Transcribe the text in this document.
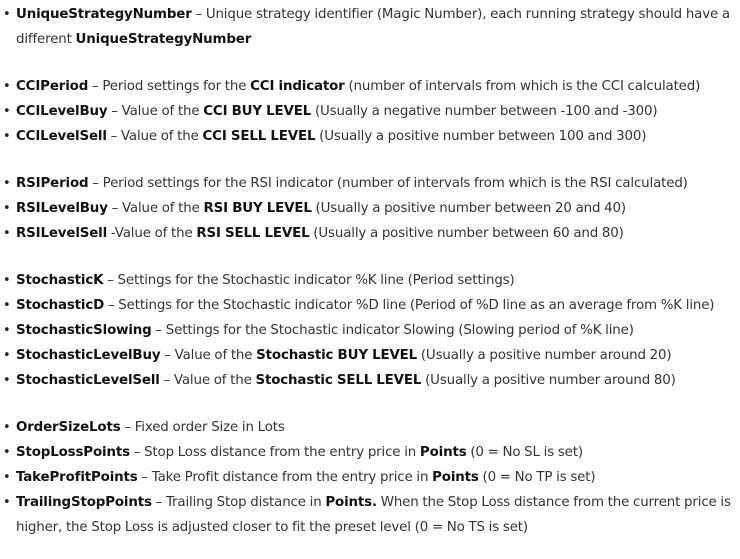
• UniqueStrategyNumber – Unique strategy identifier (Magic Number), each running strategy should have a different UniqueStrategyNumber
• CCIPeriod – Period settings for the CCI indicator (number of intervals from which is the CCI calculated)
• CCILevelBuy – Value of the CCI BUY LEVEL (Usually a negative number between -100 and -300)
• CCILevelSell – Value of the CCI SELL LEVEL (Usually a positive number between 100 and 300)
• RSIPeriod – Period settings for the RSI indicator (number of intervals from which is the RSI calculated)
• RSILevelBuy – Value of the RSI BUY LEVEL (Usually a positive number between 20 and 40)
• RSILevelSell -Value of the RSI SELL LEVEL (Usually a positive number between 60 and 80)
• StochasticK – Settings for the Stochastic indicator %K line (Period settings)
• StochasticD – Settings for the Stochastic indicator %D line (Period of %D line as an average from %K line)
• StochasticSlowing – Settings for the Stochastic indicator Slowing (Slowing period of %K line)
• StochasticLevelBuy – Value of the Stochastic BUY LEVEL (Usually a positive number around 20)
• StochasticLevelSell – Value of the Stochastic SELL LEVEL (Usually a positive number around 80)
• OrderSizeLots – Fixed order Size in Lots
• StopLossPoints – Stop Loss distance from the entry price in Points (0 = No SL is set)
• TakeProfitPoints – Take Profit distance from the entry price in Points (0 = No TP is set)
• TrailingStopPoints – Trailing Stop distance in Points. When the Stop Loss distance from the current price is higher, the Stop Loss is adjusted closer to fit the preset level (0 = No TS is set)
